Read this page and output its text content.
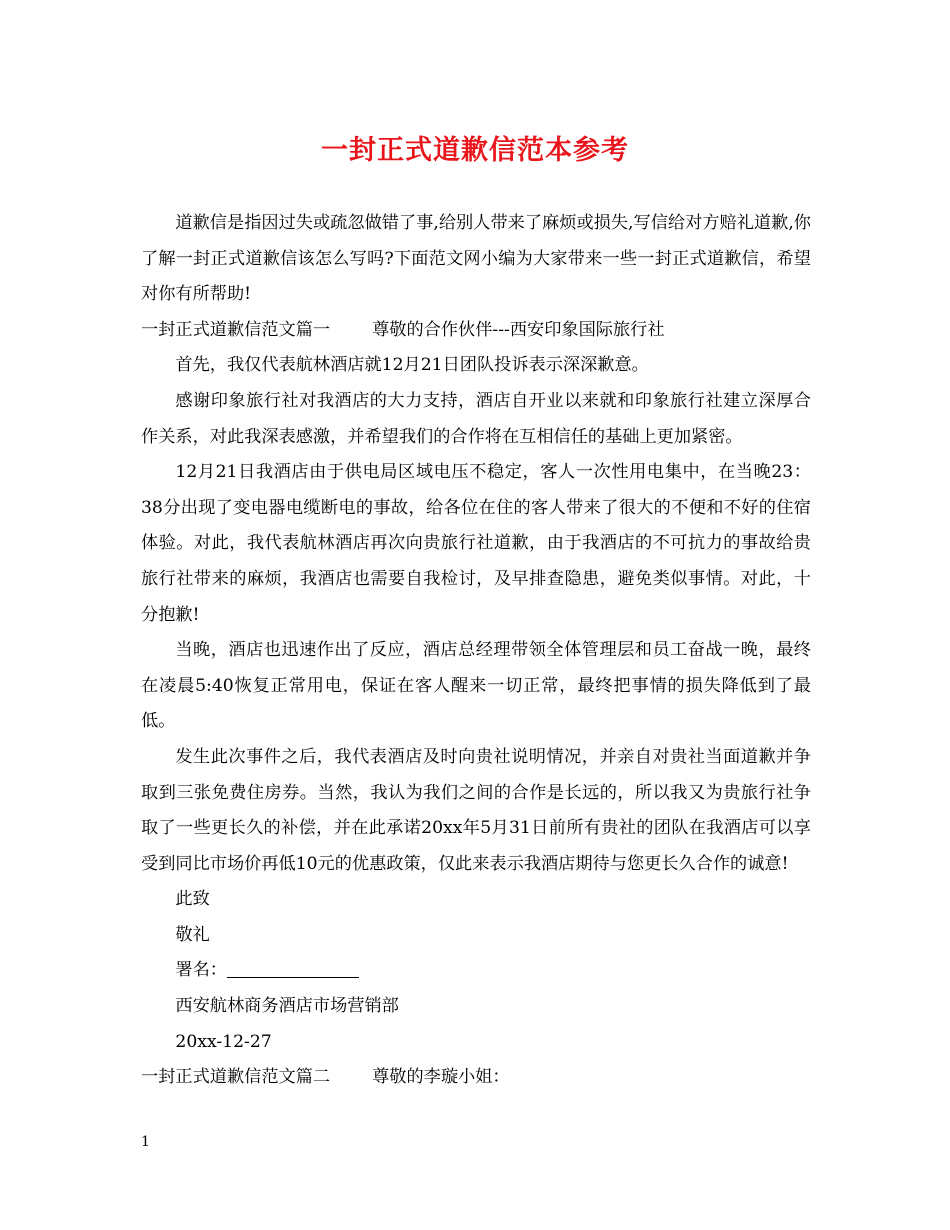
一封正式道歉信范本参考

道歉信是指因过失或疏忽做错了事,给别人带来了麻烦或损失,写信给对方赔礼道歉,你了解一封正式道歉信该怎么写吗?下面范文网小编为大家带来一些一封正式道歉信，希望对你有所帮助!

一封正式道歉信范文篇一 尊敬的合作伙伴---西安印象国际旅行社

首先，我仅代表航林酒店就12月21日团队投诉表示深深歉意。

感谢印象旅行社对我酒店的大力支持，酒店自开业以来就和印象旅行社建立深厚合作关系，对此我深表感激，并希望我们的合作将在互相信任的基础上更加紧密。

12月21日我酒店由于供电局区域电压不稳定，客人一次性用电集中，在当晚23：38分出现了变电器电缆断电的事故，给各位在住的客人带来了很大的不便和不好的住宿体验。对此，我代表航林酒店再次向贵旅行社道歉，由于我酒店的不可抗力的事故给贵旅行社带来的麻烦，我酒店也需要自我检讨，及早排查隐患，避免类似事情。对此，十分抱歉!

当晚，酒店也迅速作出了反应，酒店总经理带领全体管理层和员工奋战一晚，最终在凌晨5:40恢复正常用电，保证在客人醒来一切正常，最终把事情的损失降低到了最低。

发生此次事件之后，我代表酒店及时向贵社说明情况，并亲自对贵社当面道歉并争取到三张免费住房券。当然，我认为我们之间的合作是长远的，所以我又为贵旅行社争取了一些更长久的补偿，并在此承诺20xx年5月31日前所有贵社的团队在我酒店可以享受到同比市场价再低10元的优惠政策，仅此来表示我酒店期待与您更长久合作的诚意!

此致

敬礼

署名：

西安航林商务酒店市场营销部

20xx-12-27

一封正式道歉信范文篇二 尊敬的李璇小姐：

1
